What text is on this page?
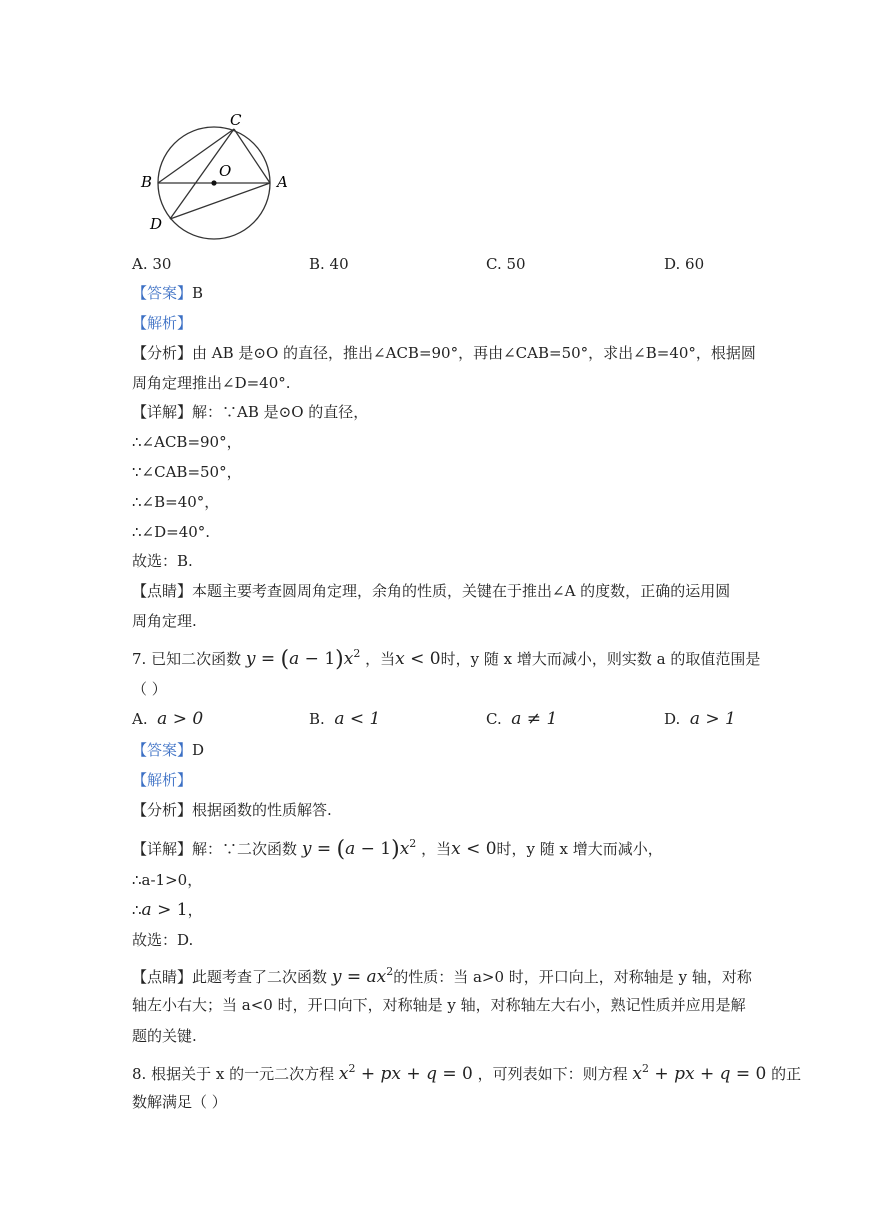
C
B
O
A
D
A. 30	B. 40	C. 50	D. 60
【答案】B
【解析】
【分析】由 AB 是⊙O 的直径，推出∠ACB=90°，再由∠CAB=50°，求出∠B=40°，根据圆
周角定理推出∠D=40°.
【详解】解：∵AB 是⊙O 的直径，
∴∠ACB=90°，
∵∠CAB=50°，
∴∠B=40°，
∴∠D=40°.
故选：B.
【点睛】本题主要考查圆周角定理，余角的性质，关键在于推出∠A 的度数，正确的运用圆
周角定理.
7. 已知二次函数 $y = (a - 1)x^2$ ，当x < 0时，y 随 x 增大而减小，则实数 a 的取值范围是
（ ）
A. a > 0	B. a < 1	C. a ≠ 1	D. a > 1
【答案】D
【解析】
【分析】根据函数的性质解答.
【详解】解：∵二次函数 $y = (a - 1)x^2$ ，当x < 0时，y 随 x 增大而减小，
∴a-1>0，
∴a > 1，
故选：D.
【点睛】此题考查了二次函数 $y = ax^2$的性质：当 a>0 时，开口向上，对称轴是 y 轴，对称
轴左小右大；当 a<0 时，开口向下，对称轴是 y 轴，对称轴左大右小，熟记性质并应用是解
题的关键.
8. 根据关于 x 的一元二次方程 $x^2$ + px + q = 0 ，可列表如下：则方程 $x^2$ + px + q = 0 的正
数解满足（ ）
